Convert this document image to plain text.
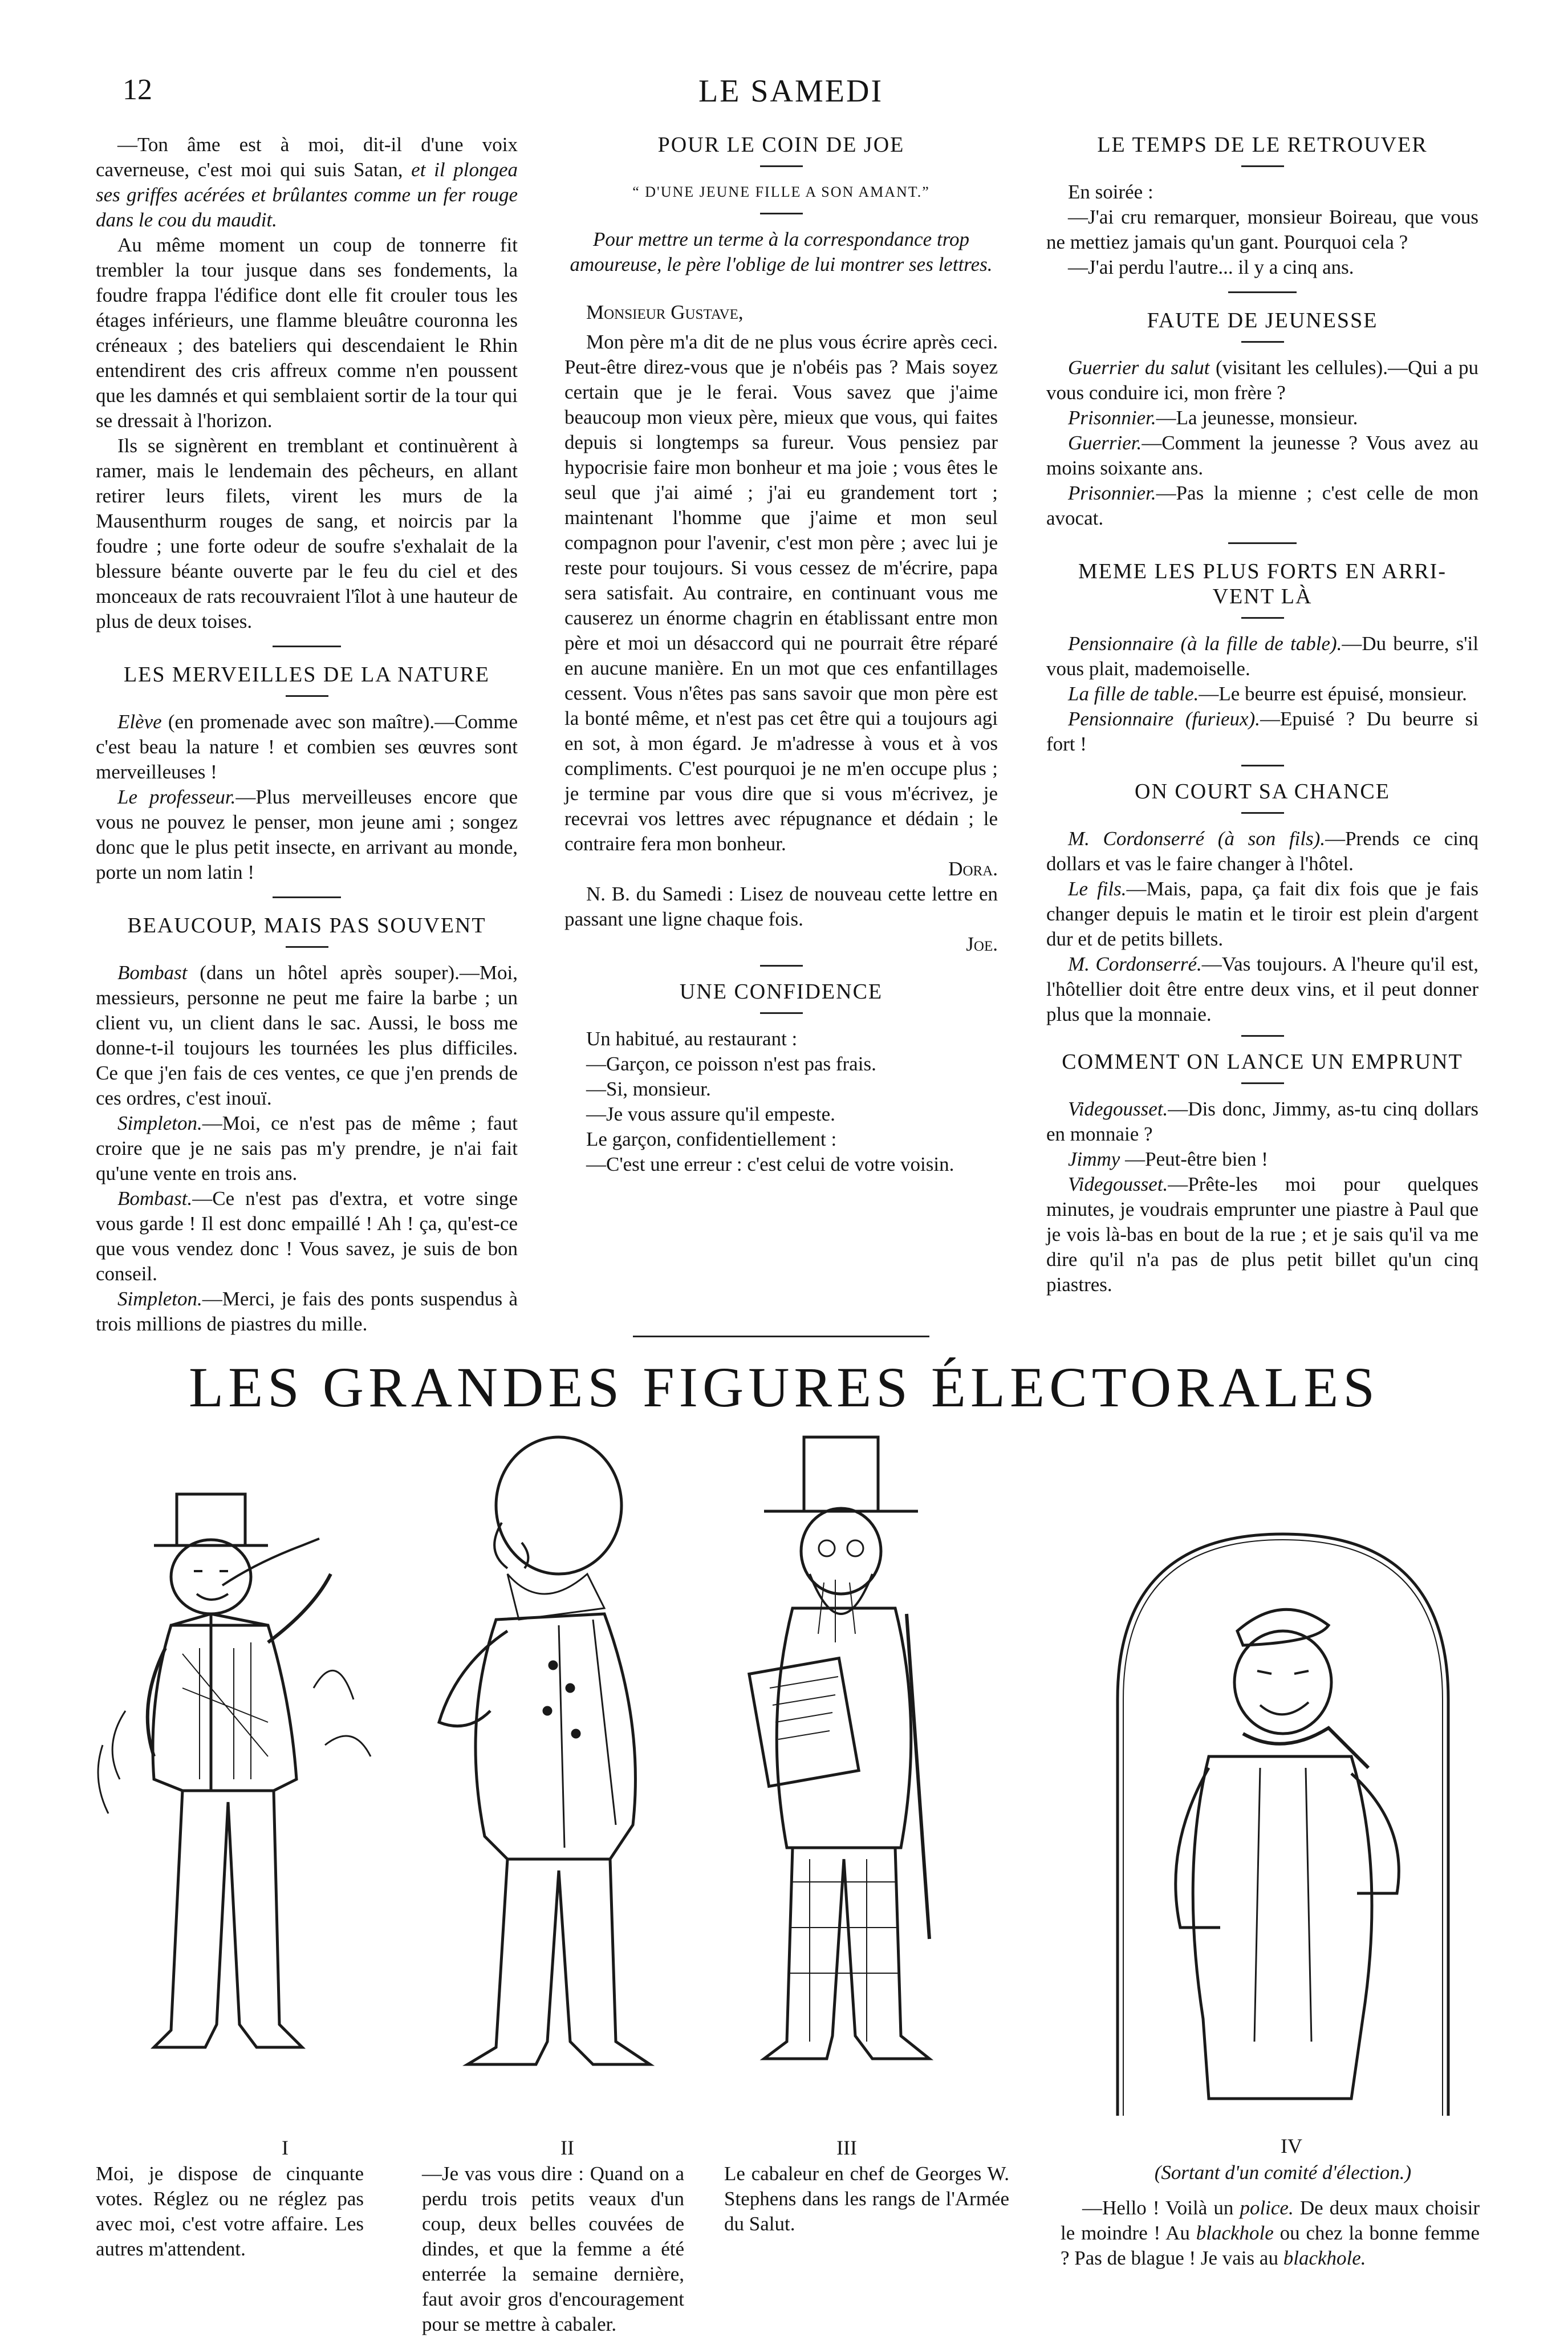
12	LE SAMEDI

—Ton âme est à moi, dit-il d'une voix caverneuse, c'est moi qui suis Satan, et il plongea ses griffes acérées et brûlantes comme un fer rouge dans le cou du maudit.

Au même moment un coup de tonnerre fit trembler la tour jusque dans ses fondements, la foudre frappa l'édifice dont elle fit crouler tous les étages inférieurs, une flamme bleuâtre couronna les créneaux ; des bateliers qui descendaient le Rhin entendirent des cris affreux comme n'en poussent que les damnés et qui semblaient sortir de la tour qui se dressait à l'horizon.

Ils se signèrent en tremblant et continuèrent à ramer, mais le lendemain des pêcheurs, en allant retirer leurs filets, virent les murs de la Mausenthurm rouges de sang, et noircis par la foudre ; une forte odeur de soufre s'exhalait de la blessure béante ouverte par le feu du ciel et des monceaux de rats recouvraient l'îlot à une hauteur de plus de deux toises.

LES MERVEILLES DE LA NATURE

Elève (en promenade avec son maître).—Comme c'est beau la nature ! et combien ses œuvres sont merveilleuses !

Le professeur.—Plus merveilleuses encore que vous ne pouvez le penser, mon jeune ami ; songez donc que le plus petit insecte, en arrivant au monde, porte un nom latin !

BEAUCOUP, MAIS PAS SOUVENT

Bombast (dans un hôtel après souper).—Moi, messieurs, personne ne peut me faire la barbe ; un client vu, un client dans le sac. Aussi, le boss me donne-t-il toujours les tournées les plus difficiles. Ce que j'en fais de ces ventes, ce que j'en prends de ces ordres, c'est inouï.

Simpleton.—Moi, ce n'est pas de même ; faut croire que je ne sais pas m'y prendre, je n'ai fait qu'une vente en trois ans.

Bombast.—Ce n'est pas d'extra, et votre singe vous garde ! Il est donc empaillé ! Ah ! ça, qu'est-ce que vous vendez donc ! Vous savez, je suis de bon conseil.

Simpleton.—Merci, je fais des ponts suspendus à trois millions de piastres du mille.

POUR LE COIN DE JOE

“ D'UNE JEUNE FILLE A SON AMANT.”

Pour mettre un terme à la correspondance trop amoureuse, le père l'oblige de lui montrer ses lettres.

Monsieur Gustave,

Mon père m'a dit de ne plus vous écrire après ceci. Peut-être direz-vous que je n'obéis pas ? Mais soyez certain que je le ferai. Vous savez que j'aime beaucoup mon vieux père, mieux que vous, qui faites depuis si longtemps sa fureur. Vous pensiez par hypocrisie faire mon bonheur et ma joie ; vous êtes le seul que j'ai aimé ; j'ai eu grandement tort ; maintenant l'homme que j'aime et mon seul compagnon pour l'avenir, c'est mon père ; avec lui je reste pour toujours. Si vous cessez de m'écrire, papa sera satisfait. Au contraire, en continuant vous me causerez un énorme chagrin en établissant entre mon père et moi un désaccord qui ne pourrait être réparé en aucune manière. En un mot que ces enfantillages cessent. Vous n'êtes pas sans savoir que mon père est la bonté même, et n'est pas cet être qui a toujours agi en sot, à mon égard. Je m'adresse à vous et à vos compliments. C'est pourquoi je ne m'en occupe plus ; je termine par vous dire que si vous m'écrivez, je recevrai vos lettres avec répugnance et dédain ; le contraire fera mon bonheur.

Dora.

N. B. du Samedi : Lisez de nouveau cette lettre en passant une ligne chaque fois.

Joe.

UNE CONFIDENCE

Un habitué, au restaurant :

—Garçon, ce poisson n'est pas frais.

—Si, monsieur.

—Je vous assure qu'il empeste.

Le garçon, confidentiellement :

—C'est une erreur : c'est celui de votre voisin.

LE TEMPS DE LE RETROUVER

En soirée :

—J'ai cru remarquer, monsieur Boireau, que vous ne mettiez jamais qu'un gant. Pourquoi cela ?

—J'ai perdu l'autre... il y a cinq ans.

FAUTE DE JEUNESSE

Guerrier du salut (visitant les cellules).—Qui a pu vous conduire ici, mon frère ?

Prisonnier.—La jeunesse, monsieur.

Guerrier.—Comment la jeunesse ? Vous avez au moins soixante ans.

Prisonnier.—Pas la mienne ; c'est celle de mon avocat.

MEME LES PLUS FORTS EN ARRI-

VENT LÀ

Pensionnaire (à la fille de table).—Du beurre, s'il vous plait, mademoiselle.

La fille de table.—Le beurre est épuisé, monsieur.

Pensionnaire (furieux).—Epuisé ? Du beurre si fort !

ON COURT SA CHANCE

M. Cordonserré (à son fils).—Prends ce cinq dollars et vas le faire changer à l'hôtel.

Le fils.—Mais, papa, ça fait dix fois que je fais changer depuis le matin et le tiroir est plein d'argent dur et de petits billets.

M. Cordonserré.—Vas toujours. A l'heure qu'il est, l'hôtellier doit être entre deux vins, et il peut donner plus que la monnaie.

COMMENT ON LANCE UN EMPRUNT

Videgousset.—Dis donc, Jimmy, as-tu cinq dollars en monnaie ?

Jimmy —Peut-être bien !

Videgousset.—Prête-les moi pour quelques minutes, je voudrais emprunter une piastre à Paul que je vois là-bas en bout de la rue ; et je sais qu'il va me dire qu'il n'a pas de plus petit billet qu'un cinq piastres.

LES GRANDES FIGURES ÉLECTORALES
I
Moi, je dispose de cinquante votes. Réglez ou ne réglez pas avec moi, c'est votre affaire. Les autres m'attendent.
II
—Je vas vous dire : Quand on a perdu trois petits veaux d'un coup, deux belles couvées de dindes, et que la femme a été enterrée la semaine dernière, faut avoir gros d'encouragement pour se mettre à cabaler.
III
Le cabaleur en chef de Georges W. Stephens dans les rangs de l'Armée du Salut.
IV
(Sortant d'un comité d'élection.)

—Hello ! Voilà un police. De deux maux choisir le moindre ! Au blackhole ou chez la bonne femme ? Pas de blague ! Je vais au blackhole.
